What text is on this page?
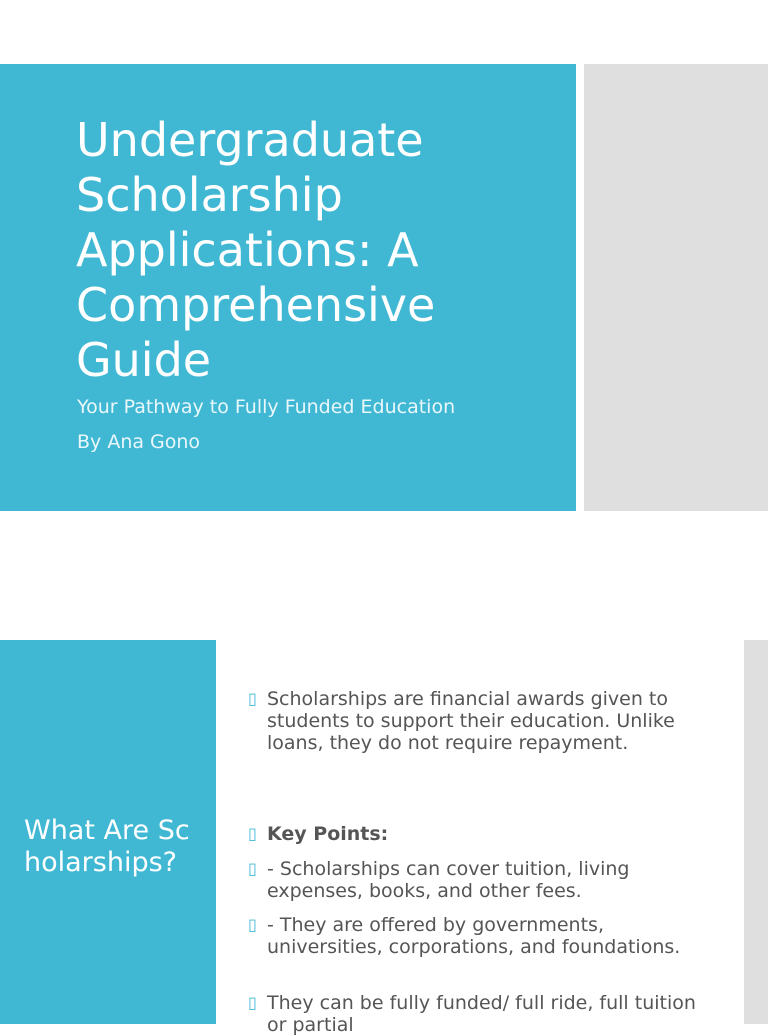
Undergraduate Scholarship Applications: A Comprehensive Guide

Your Pathway to Fully Funded Education

By Ana Gono

What Are Scholarships?
▯ Scholarships are financial awards given to students to support their education. Unlike loans, they do not require repayment.
▯ Key Points:
▯ - Scholarships can cover tuition, living expenses, books, and other fees.
▯ - They are offered by governments, universities, corporations, and foundations.
▯ They can be fully funded/ full ride, full tuition or partial
